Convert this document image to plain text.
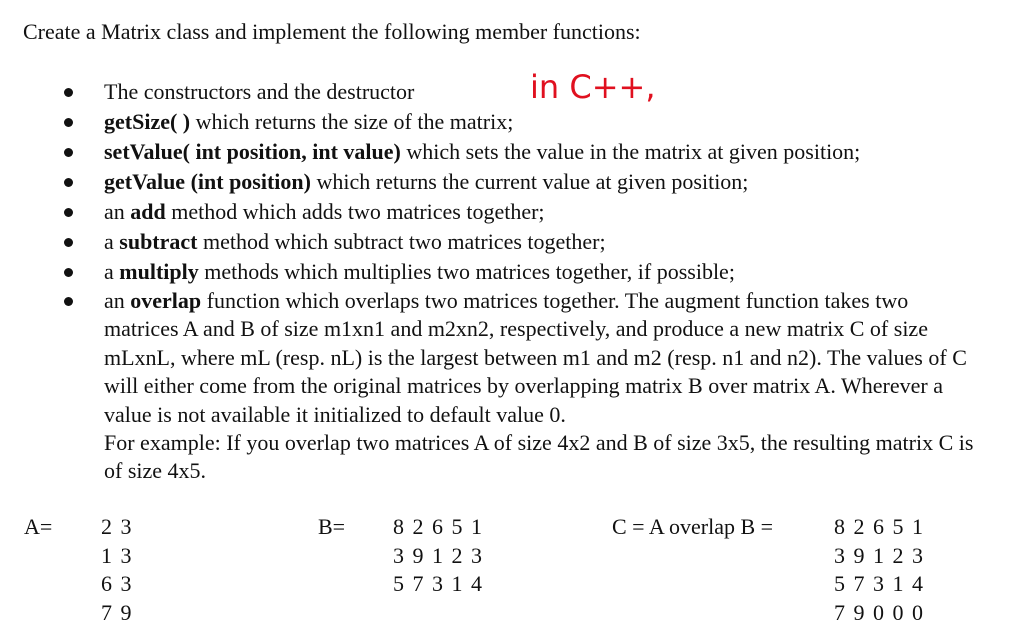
Create a Matrix class and implement the following member functions:
in C++,
The constructors and the destructor
getSize( ) which returns the size of the matrix;
setValue( int position, int value) which sets the value in the matrix at given position;
getValue (int position) which returns the current value at given position;
an add method which adds two matrices together;
a subtract method which subtract two matrices together;
a multiply methods which multiplies two matrices together, if possible;
an overlap function which overlaps two matrices together. The augment function takes two matrices A and B of size m1xn1 and m2xn2, respectively, and produce a new matrix C of size mLxnL, where mL (resp. nL) is the largest between m1 and m2 (resp. n1 and n2). The values of C will either come from the original matrices by overlapping matrix B over matrix A. Wherever a value is not available it initialized to default value 0.
For example: If you overlap two matrices A of size 4x2 and B of size 3x5, the resulting matrix C is of size 4x5.
A= 2 3
1 3
6 3
7 9
B= 8 2 6 5 1
3 9 1 2 3
5 7 3 1 4
C = A overlap B =	8 2 6 5 1
3 9 1 2 3
5 7 3 1 4
7 9 0 0 0
